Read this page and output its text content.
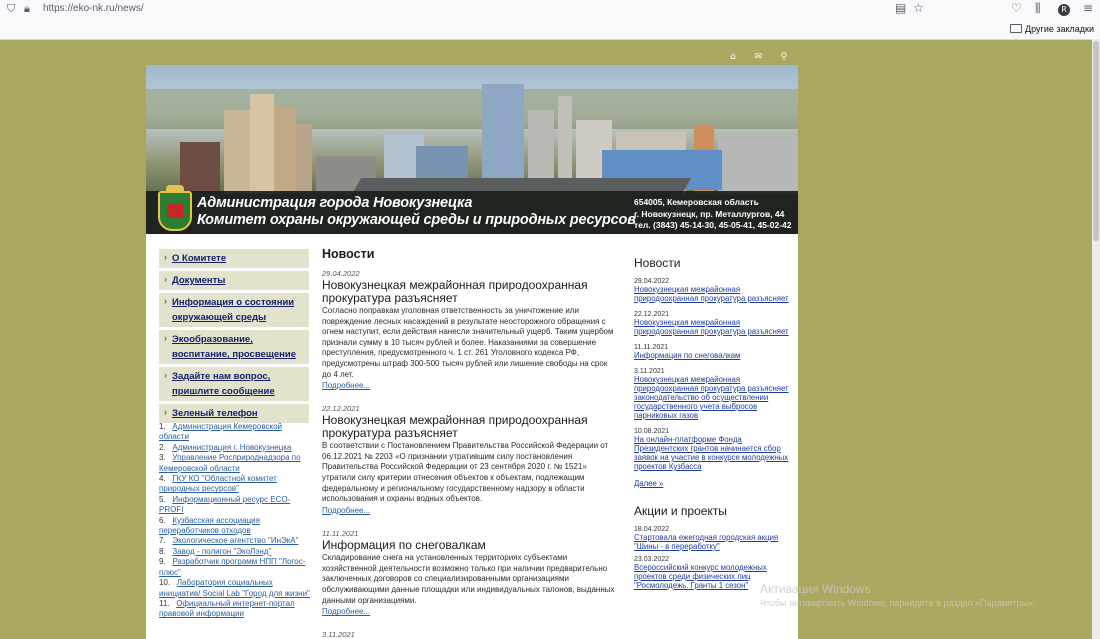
⛉ 🔒︎ https://eko-nk.ru/news/	▤ ☆	♡ ⫼	R ≡
Другие закладки
⌂ ✉ ⚲
Администрация города Новокузнецка
Комитет охраны окружающей среды и природных ресурсов
654005, Кемеровская область
г. Новокузнецк, пр. Металлургов, 44
тел. (3843) 45-14-30, 45-05-41, 45-02-42
› О Комитете
› Документы
› Информация о состоянии окружающей среды
› Экообразование, воспитание, просвещение
› Задайте нам вопрос, пришлите сообщение
› Зеленый телефон
1. Администрация Кемеровской области
2. Администрация г. Новокузнецка
3. Управление Росприроднадзора по Кемеровской области
4. ГКУ КО "Областной комитет природных ресурсов"
5. Информационный ресурс ECO-PROFI
6. Кузбасская ассоциация переработчиков отходов
7. Экологическое агентство "ИнЭкА"
8. Завод - полигон "ЭкоЛэнд"
9. Разработчик программ НПП "Логос-плюс"
10. Лаборатория социальных инициатив/ Social Lab "Город для жизни"
11. Официальный интернет-портал правовой информации
Новости
29.04.2022
Новокузнецкая межрайонная природоохранная прокуратура разъясняет
Согласно поправкам уголовная ответственность за уничтожение или повреждение лесных насаждений в результате неосторожного обращения с огнем наступит, если действия нанесли значительный ущерб. Таким ущербом признали сумму в 10 тысяч рублей и более. Наказаниями за совершение преступления, предусмотренного ч. 1 ст. 261 Уголовного кодекса РФ, предусмотрены штраф 300-500 тысяч рублей или лишение свободы на срок до 4 лет.
Подробнее...
22.12.2021
Новокузнецкая межрайонная природоохранная прокуратура разъясняет
В соответствии с Постановлением Правительства Российской Федерации от 06.12.2021 № 2203 «О признании утратившим силу постановления Правительства Российской Федерации от 23 сентября 2020 г. № 1521» утратили силу критерии отнесения объектов к объектам, подлежащим федеральному и региональному государственному надзору в области использования и охраны водных объектов.
Подробнее...
11.11.2021
Информация по снеговалкам
Складирование снега на установленных территориях субъектами хозяйственной деятельности возможно только при наличии предварительно заключенных договоров со специализированными организациями обслуживающими данные площадки или индивидуальных талонов, выданных данными организациями.
Подробнее...
3.11.2021
Новости
29.04.2022
Новокузнецкая межрайонная природоохранная прокуратура разъясняет
22.12.2021
Новокузнецкая межрайонная природоохранная прокуратура разъясняет
11.11.2021
Информация по снеговалкам
3.11.2021
Новокузнецкая межрайонная природоохранная прокуратура разъясняет законодательство об осуществлении государственного учета выбросов парниковых газов
10.08.2021
На онлайн-платформе Фонда Президентских грантов начинается сбор заявок на участие в конкурсе молодежных проектов Кузбасса
Далее »
Акции и проекты
18.04.2022
Стартовала ежегодная городская акция "Шины - в переработку"
23.03.2022
Всероссийский конкурс молодежных проектов среди физических лиц "Росмолодежь. Гранты 1 сезон" Активация Windows
Чтобы активировать Windows, перейдите в раздел «Параметры».
